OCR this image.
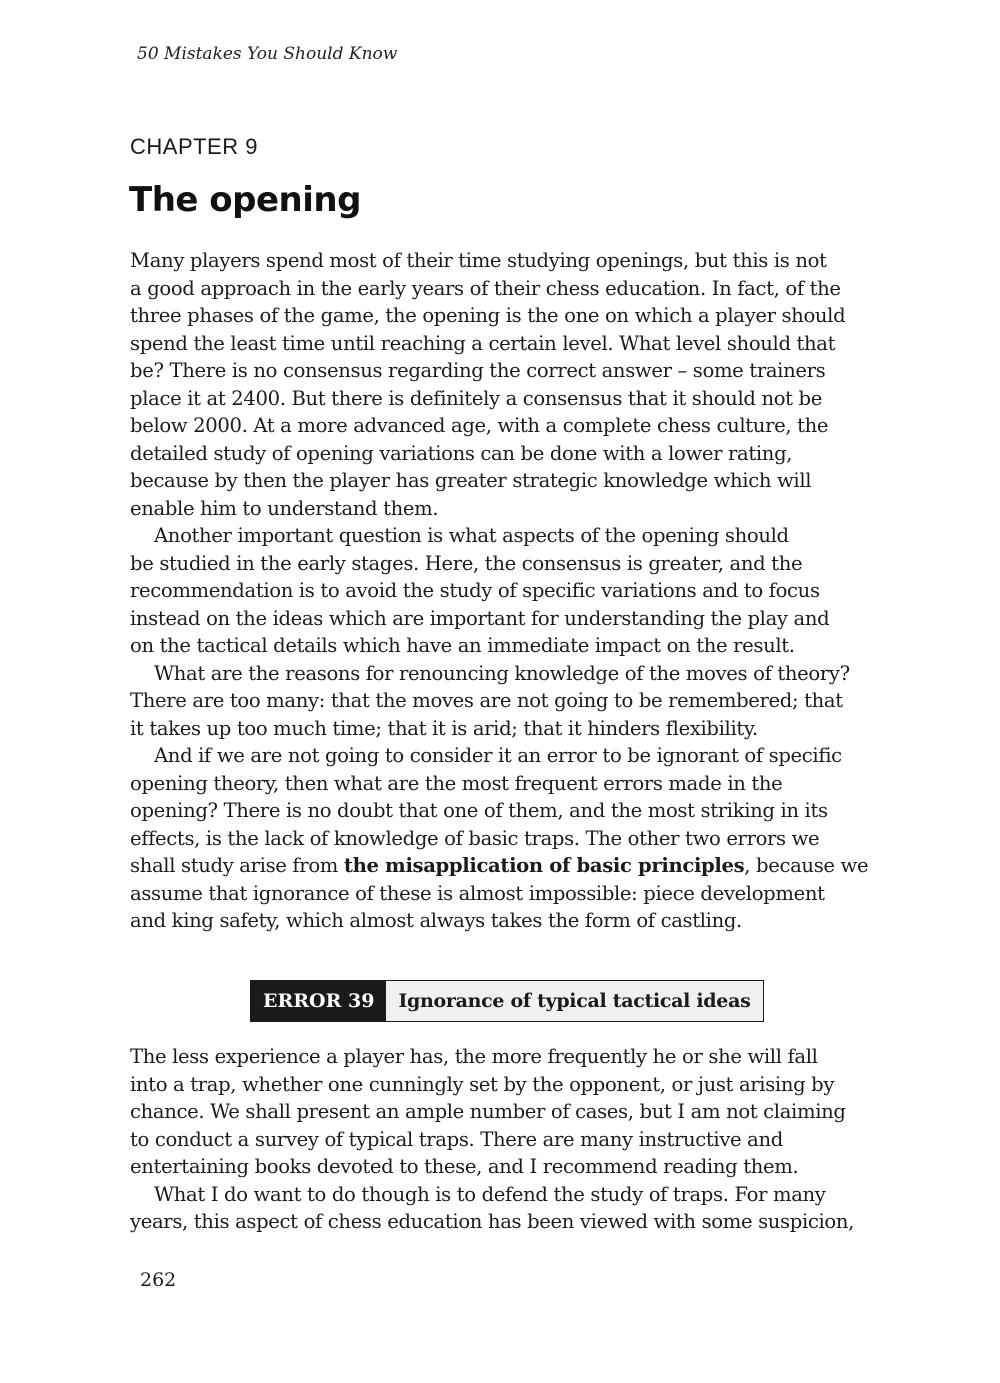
50 Mistakes You Should Know
CHAPTER 9
The opening
Many players spend most of their time studying openings, but this is not
a good approach in the early years of their chess education. In fact, of the
three phases of the game, the opening is the one on which a player should
spend the least time until reaching a certain level. What level should that
be? There is no consensus regarding the correct answer – some trainers
place it at 2400. But there is definitely a consensus that it should not be
below 2000. At a more advanced age, with a complete chess culture, the
detailed study of opening variations can be done with a lower rating,
because by then the player has greater strategic knowledge which will
enable him to understand them.
Another important question is what aspects of the opening should
be studied in the early stages. Here, the consensus is greater, and the
recommendation is to avoid the study of specific variations and to focus
instead on the ideas which are important for understanding the play and
on the tactical details which have an immediate impact on the result.
What are the reasons for renouncing knowledge of the moves of theory?
There are too many: that the moves are not going to be remembered; that
it takes up too much time; that it is arid; that it hinders flexibility.
And if we are not going to consider it an error to be ignorant of specific
opening theory, then what are the most frequent errors made in the
opening? There is no doubt that one of them, and the most striking in its
effects, is the lack of knowledge of basic traps. The other two errors we
shall study arise from the misapplication of basic principles, because we
assume that ignorance of these is almost impossible: piece development
and king safety, which almost always takes the form of castling.
ERROR 39	Ignorance of typical tactical ideas
The less experience a player has, the more frequently he or she will fall
into a trap, whether one cunningly set by the opponent, or just arising by
chance. We shall present an ample number of cases, but I am not claiming
to conduct a survey of typical traps. There are many instructive and
entertaining books devoted to these, and I recommend reading them.
What I do want to do though is to defend the study of traps. For many
years, this aspect of chess education has been viewed with some suspicion,
262
